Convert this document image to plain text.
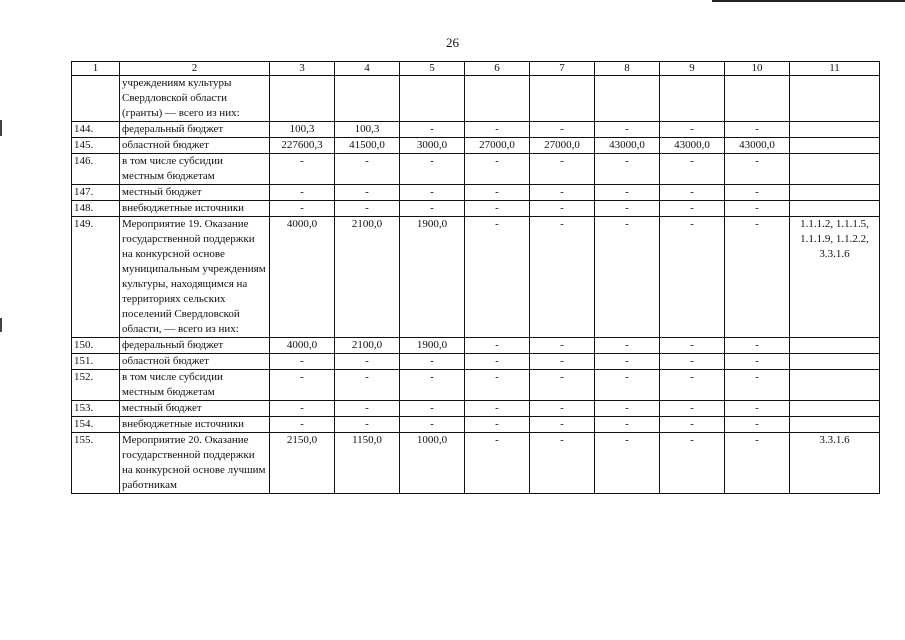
26
1	2	3	4	5	6	7	8	9	10	11
	учреждениям культуры Свердловской области (гранты) — всего из них:									
144.	федеральный бюджет	100,3	100,3	-	-	-	-	-	-	
145.	областной бюджет	227600,3	41500,0	3000,0	27000,0	27000,0	43000,0	43000,0	43000,0	
146.	в том числе субсидии местным бюджетам	-	-	-	-	-	-	-	-	
147.	местный бюджет	-	-	-	-	-	-	-	-	
148.	внебюджетные источники	-	-	-	-	-	-	-	-	
149.	Мероприятие 19. Оказание государственной поддержки на конкурсной основе муниципальным учреждениям культуры, находящимся на территориях сельских поселений Свердловской области, — всего из них:	4000,0	2100,0	1900,0	-	-	-	-	-	1.1.1.2, 1.1.1.5, 1.1.1.9, 1.1.2.2, 3.3.1.6
150.	федеральный бюджет	4000,0	2100,0	1900,0	-	-	-	-	-	
151.	областной бюджет	-	-	-	-	-	-	-	-	
152.	в том числе субсидии местным бюджетам	-	-	-	-	-	-	-	-	
153.	местный бюджет	-	-	-	-	-	-	-	-	
154.	внебюджетные источники	-	-	-	-	-	-	-	-	
155.	Мероприятие 20. Оказание государственной поддержки на конкурсной основе лучшим работникам	2150,0	1150,0	1000,0	-	-	-	-	-	3.3.1.6
